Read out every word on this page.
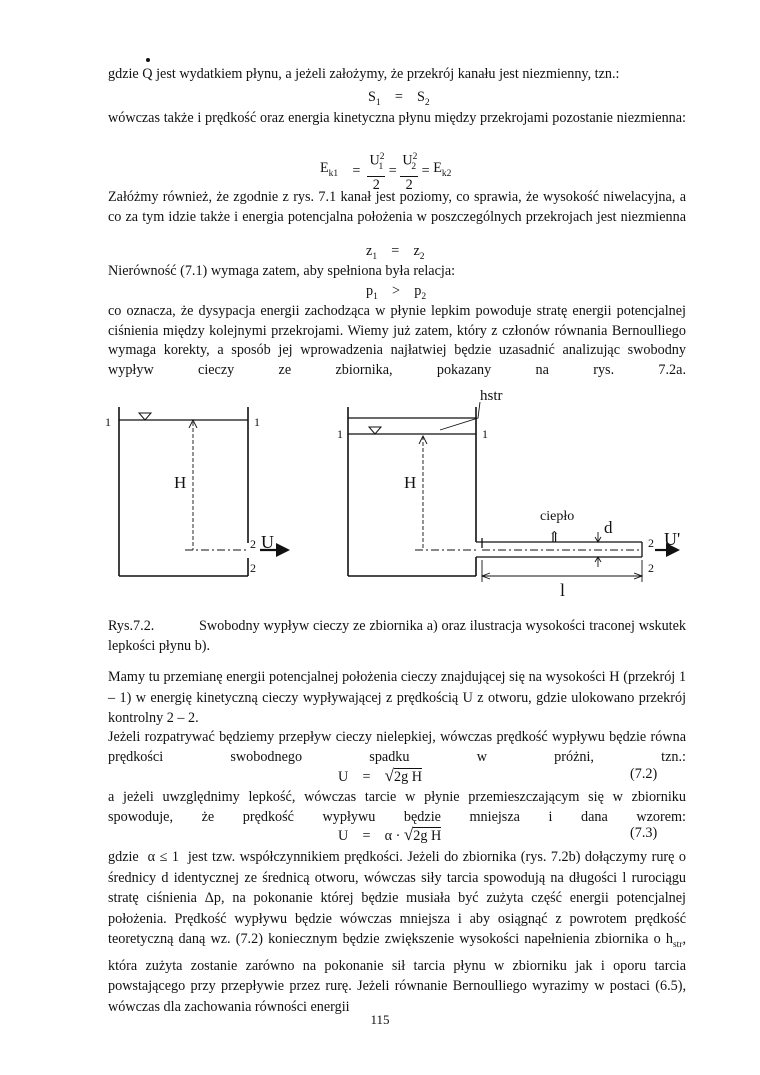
gdzie Q jest wydatkiem płynu, a jeżeli założymy, że przekrój kanału jest niezmienny, tzn.:
$S_1 = S_2$

wówczas także i prędkość oraz energia kinetyczna płynu między przekrojami pozostanie niezmienna:

$E_{k1} = \frac{U^2_1}{2} = \frac{U^2_2}{2} = E_{k2}$

Załóżmy również, że zgodnie z rys. 7.1 kanał jest poziomy, co sprawia, że wysokość niwelacyjna, a co za tym idzie także i energia potencjalna położenia w poszczególnych przekrojach jest niezmienna

$z_1 = z_2$
Nierówność (7.1) wymaga zatem, aby spełniona była relacja:
$p_1 > p_2$

co oznacza, że dysypacja energii zachodząca w płynie lepkim powoduje stratę energii potencjalnej ciśnienia między kolejnymi przekrojami. Wiemy już zatem, który z członów równania Bernoulliego wymaga korekty, a sposób jej wprowadzenia najłatwiej będzie uzasadnić analizując swobodny wypływ cieczy ze zbiornika, pokazany na rys. 7.2a.

1	1
H
2 U
2
hstr
1	1
H
ciepło
⇑
d
2 U'
2
l
Rys.7.2.	Swobodny wypływ cieczy ze zbiornika a) oraz ilustracja wysokości traconej wskutek lepkości płynu b).

Mamy tu przemianę energii potencjalnej położenia cieczy znajdującej się na wysokości H (przekrój 1 – 1) w energię kinetyczną cieczy wypływającej z prędkością U z otworu, gdzie ulokowano przekrój kontrolny 2 – 2.

Jeżeli rozpatrywać będziemy przepływ cieczy nielepkiej, wówczas prędkość wypływu będzie równa prędkości swobodnego spadku w próżni, tzn.:

U = √2g H	(7.2)

a jeżeli uwzględnimy lepkość, wówczas tarcie w płynie przemieszczającym się w zbiorniku spowoduje, że prędkość wypływu będzie mniejsza i dana wzorem:

U = α · √2g H	(7.3)

gdzie α ≤ 1 jest tzw. współczynnikiem prędkości. Jeżeli do zbiornika (rys. 7.2b) dołączymy rurę o średnicy d identycznej ze średnicą otworu, wówczas siły tarcia spowodują na długości l rurociągu stratę ciśnienia Δp, na pokonanie której będzie musiała być zużyta część energii potencjalnej położenia. Prędkość wypływu będzie wówczas mniejsza i aby osiągnąć z powrotem prędkość teoretyczną daną wz. (7.2) koniecznym będzie zwiększenie wysokości napełnienia zbiornika o $h_{str}$, która zużyta zostanie zarówno na pokonanie sił tarcia płynu w zbiorniku jak i oporu tarcia powstającego przy przepływie przez rurę. Jeżeli równanie Bernoulliego wyrazimy w postaci (6.5), wówczas dla zachowania równości energii

115
